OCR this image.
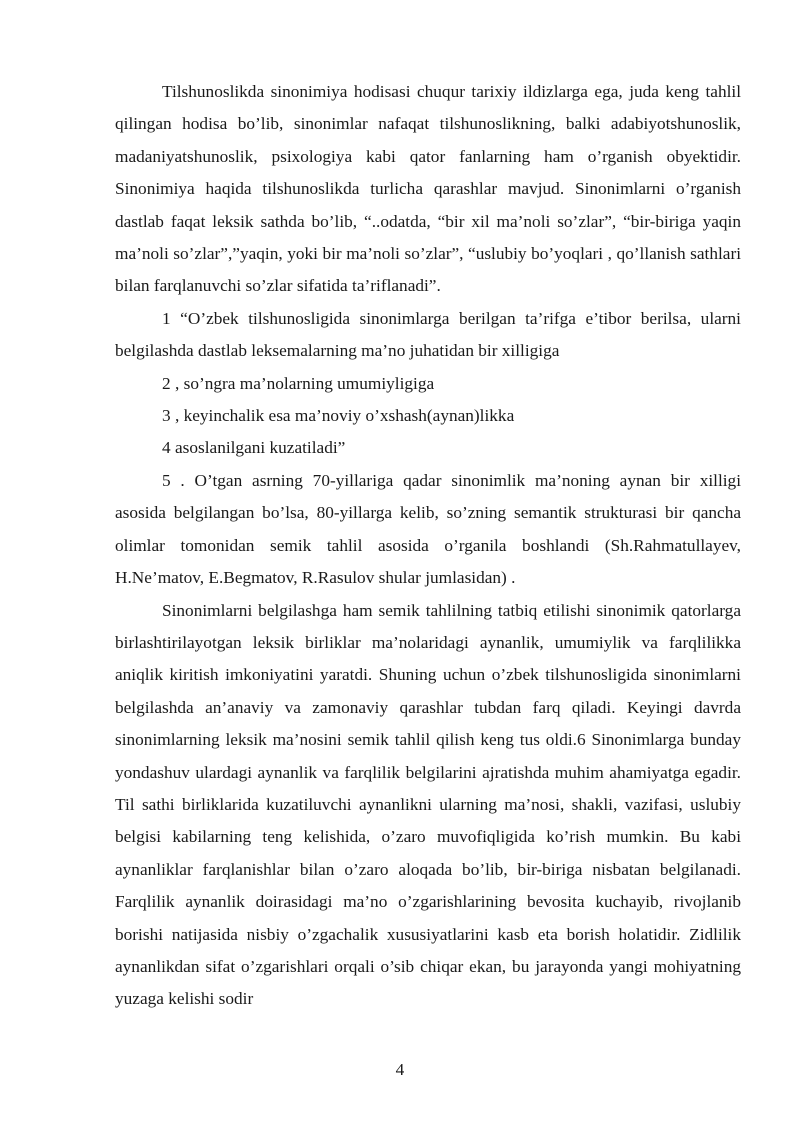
Tilshunoslikda sinonimiya hodisasi chuqur tarixiy ildizlarga ega, juda keng tahlil qilingan hodisa bo’lib, sinonimlar nafaqat tilshunoslikning, balki adabiyotshunoslik, madaniyatshunoslik, psixologiya kabi qator fanlarning ham o’rganish obyektidir. Sinonimiya haqida tilshunoslikda turlicha qarashlar mavjud. Sinonimlarni o’rganish dastlab faqat leksik sathda bo’lib, “..odatda, “bir xil ma’noli so’zlar”, “bir-biriga yaqin ma’noli so’zlar”,”yaqin, yoki bir ma’noli so’zlar”, “uslubiy bo’yoqlari , qo’llanish sathlari bilan farqlanuvchi so’zlar sifatida ta’riflanadi”.

1 “O’zbek tilshunosligida sinonimlarga berilgan ta’rifga e’tibor berilsa, ularni belgilashda dastlab leksemalarning ma’no juhatidan bir xilligiga

2 , so’ngra ma’nolarning umumiyligiga

3 , keyinchalik esa ma’noviy o’xshash(aynan)likka

4 asoslanilgani kuzatiladi”

5 . O’tgan asrning 70-yillariga qadar sinonimlik ma’noning aynan bir xilligi asosida belgilangan bo’lsa, 80-yillarga kelib, so’zning semantik strukturasi bir qancha olimlar tomonidan semik tahlil asosida o’rganila boshlandi (Sh.Rahmatullayev, H.Ne’matov, E.Begmatov, R.Rasulov shular jumlasidan) .

Sinonimlarni belgilashga ham semik tahlilning tatbiq etilishi sinonimik qatorlarga birlashtirilayotgan leksik birliklar ma’nolaridagi aynanlik, umumiylik va farqlilikka aniqlik kiritish imkoniyatini yaratdi. Shuning uchun o’zbek tilshunosligida sinonimlarni belgilashda an’anaviy va zamonaviy qarashlar tubdan farq qiladi. Keyingi davrda sinonimlarning leksik ma’nosini semik tahlil qilish keng tus oldi.6 Sinonimlarga bunday yondashuv ulardagi aynanlik va farqlilik belgilarini ajratishda muhim ahamiyatga egadir. Til sathi birliklarida kuzatiluvchi aynanlikni ularning ma’nosi, shakli, vazifasi, uslubiy belgisi kabilarning teng kelishida, o’zaro muvofiqligida ko’rish mumkin. Bu kabi aynanliklar farqlanishlar bilan o’zaro aloqada bo’lib, bir-biriga nisbatan belgilanadi. Farqlilik aynanlik doirasidagi ma’no o’zgarishlarining bevosita kuchayib, rivojlanib borishi natijasida nisbiy o’zgachalik xususiyatlarini kasb eta borish holatidir. Zidlilik aynanlikdan sifat o’zgarishlari orqali o’sib chiqar ekan, bu jarayonda yangi mohiyatning yuzaga kelishi sodir

4
